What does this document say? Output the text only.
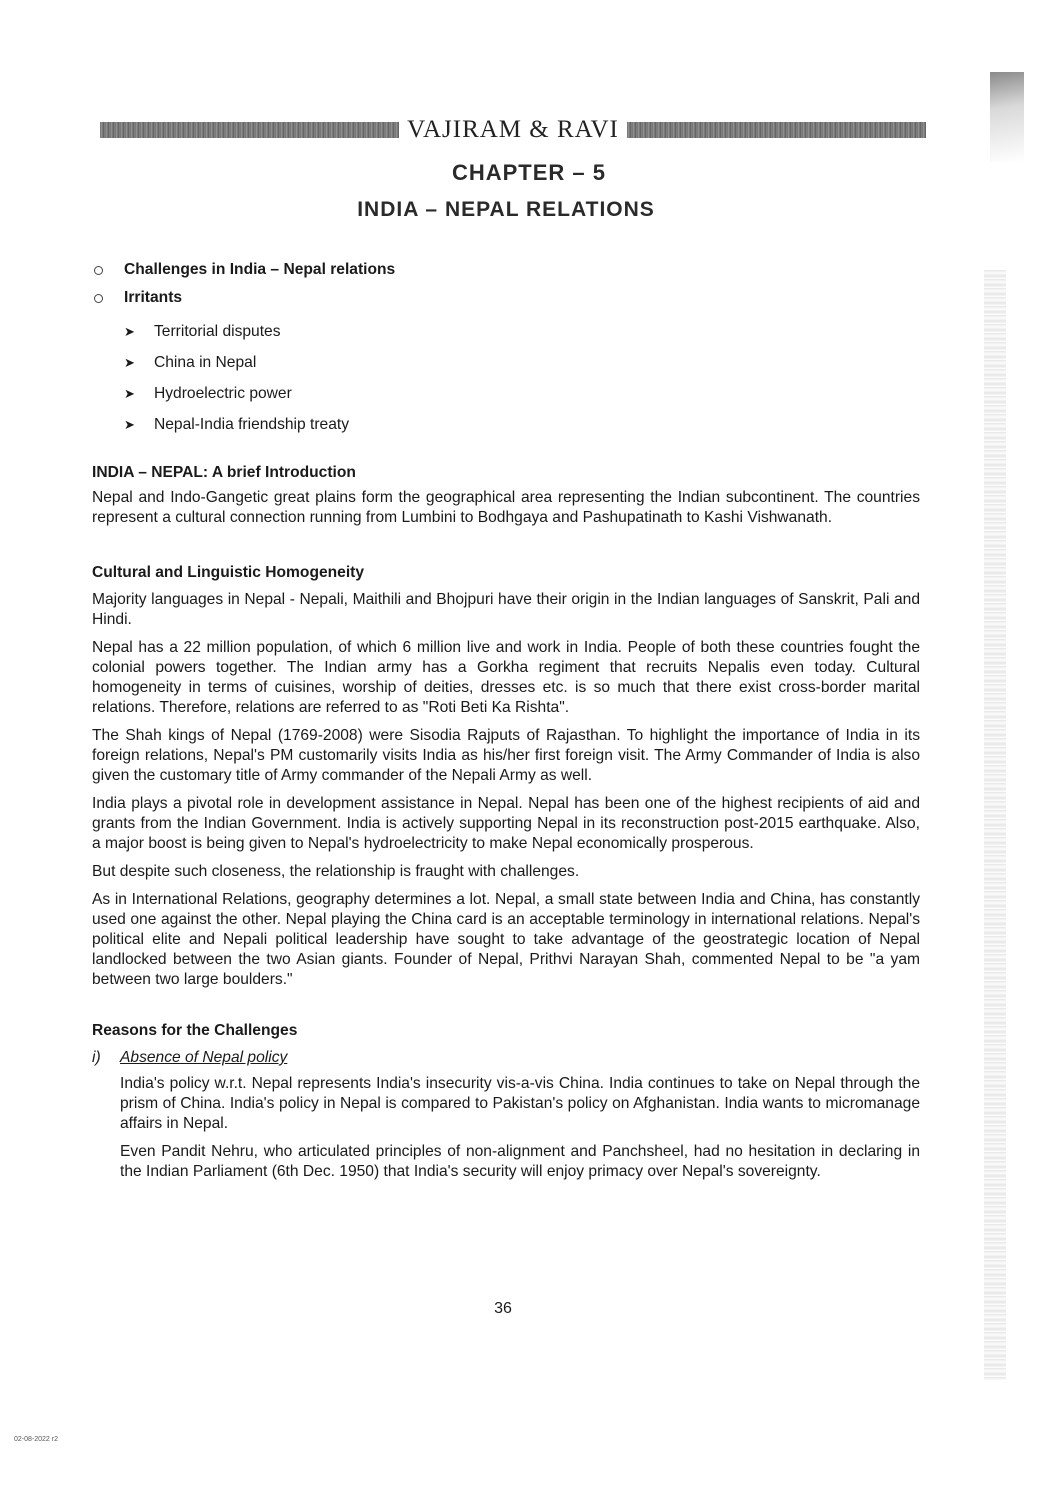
VAJIRAM & RAVI
CHAPTER – 5
INDIA – NEPAL RELATIONS
Challenges in India – Nepal relations
Irritants
➤ Territorial disputes
➤ China in Nepal
➤ Hydroelectric power
➤ Nepal-India friendship treaty
INDIA – NEPAL: A brief Introduction

Nepal and Indo-Gangetic great plains form the geographical area representing the Indian subcontinent. The countries represent a cultural connection running from Lumbini to Bodhgaya and Pashupatinath to Kashi Vishwanath.

Cultural and Linguistic Homogeneity

Majority languages in Nepal - Nepali, Maithili and Bhojpuri have their origin in the Indian languages of Sanskrit, Pali and Hindi.

Nepal has a 22 million population, of which 6 million live and work in India. People of both these countries fought the colonial powers together. The Indian army has a Gorkha regiment that recruits Nepalis even today. Cultural homogeneity in terms of cuisines, worship of deities, dresses etc. is so much that there exist cross-border marital relations. Therefore, relations are referred to as "Roti Beti Ka Rishta".

The Shah kings of Nepal (1769-2008) were Sisodia Rajputs of Rajasthan. To highlight the importance of India in its foreign relations, Nepal's PM customarily visits India as his/her first foreign visit. The Army Commander of India is also given the customary title of Army commander of the Nepali Army as well.

India plays a pivotal role in development assistance in Nepal. Nepal has been one of the highest recipients of aid and grants from the Indian Government. India is actively supporting Nepal in its reconstruction post-2015 earthquake. Also, a major boost is being given to Nepal's hydroelectricity to make Nepal economically prosperous.

But despite such closeness, the relationship is fraught with challenges.

As in International Relations, geography determines a lot. Nepal, a small state between India and China, has constantly used one against the other. Nepal playing the China card is an acceptable terminology in international relations. Nepal's political elite and Nepali political leadership have sought to take advantage of the geostrategic location of Nepal landlocked between the two Asian giants. Founder of Nepal, Prithvi Narayan Shah, commented Nepal to be "a yam between two large boulders."

Reasons for the Challenges
i)	Absence of Nepal policy

India's policy w.r.t. Nepal represents India's insecurity vis-a-vis China. India continues to take on Nepal through the prism of China. India's policy in Nepal is compared to Pakistan's policy on Afghanistan. India wants to micromanage affairs in Nepal.

Even Pandit Nehru, who articulated principles of non-alignment and Panchsheel, had no hesitation in declaring in the Indian Parliament (6th Dec. 1950) that India's security will enjoy primacy over Nepal's sovereignty.

36
02-08-2022 r2
